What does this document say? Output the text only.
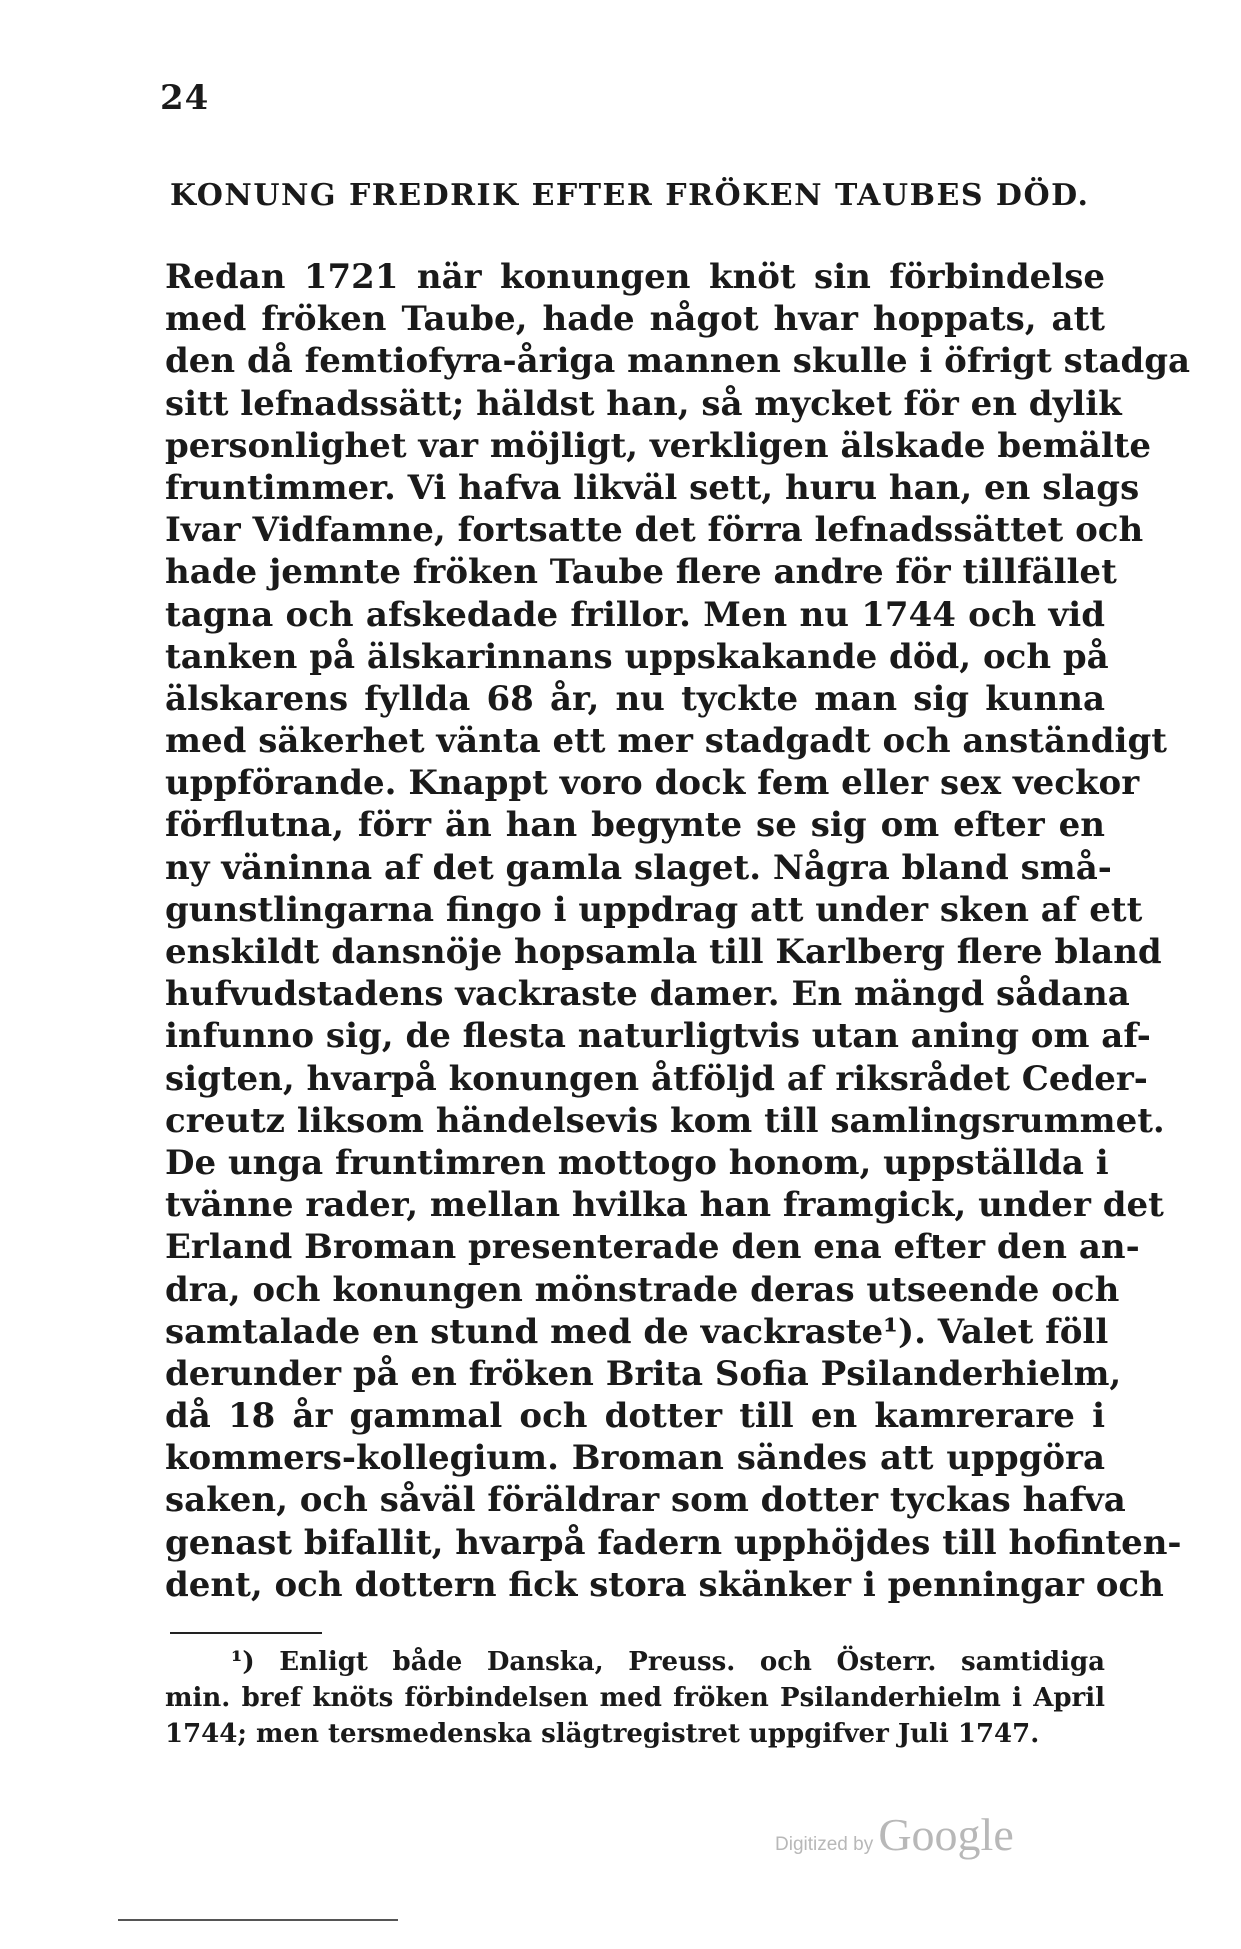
24
KONUNG FREDRIK EFTER FRÖKEN TAUBES DÖD.
Redan 1721 när konungen knöt sin förbindelse
med fröken Taube, hade något hvar hoppats, att
den då femtiofyra-åriga mannen skulle i öfrigt stadga
sitt lefnadssätt; häldst han, så mycket för en dylik
personlighet var möjligt, verkligen älskade bemälte
fruntimmer. Vi hafva likväl sett, huru han, en slags
Ivar Vidfamne, fortsatte det förra lefnadssättet och
hade jemnte fröken Taube flere andre för tillfället
tagna och afskedade frillor. Men nu 1744 och vid
tanken på älskarinnans uppskakande död, och på
älskarens fyllda 68 år, nu tyckte man sig kunna
med säkerhet vänta ett mer stadgadt och anständigt
uppförande. Knappt voro dock fem eller sex veckor
förflutna, förr än han begynte se sig om efter en
ny väninna af det gamla slaget. Några bland små-
gunstlingarna fingo i uppdrag att under sken af ett
enskildt dansnöje hopsamla till Karlberg flere bland
hufvudstadens vackraste damer. En mängd sådana
infunno sig, de flesta naturligtvis utan aning om af-
sigten, hvarpå konungen åtföljd af riksrådet Ceder-
creutz liksom händelsevis kom till samlingsrummet.
De unga fruntimren mottogo honom, uppställda i
tvänne rader, mellan hvilka han framgick, under det
Erland Broman presenterade den ena efter den an-
dra, och konungen mönstrade deras utseende och
samtalade en stund med de vackraste¹). Valet föll
derunder på en fröken Brita Sofia Psilanderhielm,
då 18 år gammal och dotter till en kamrerare i
kommers-kollegium. Broman sändes att uppgöra
saken, och såväl föräldrar som dotter tyckas hafva
genast bifallit, hvarpå fadern upphöjdes till hofinten-
dent, och dottern fick stora skänker i penningar och
¹) Enligt både Danska, Preuss. och Österr. samtidiga
min. bref knöts förbindelsen med fröken Psilanderhielm i April
1744; men tersmedenska slägtregistret uppgifver Juli 1747.
Digitized by Google
